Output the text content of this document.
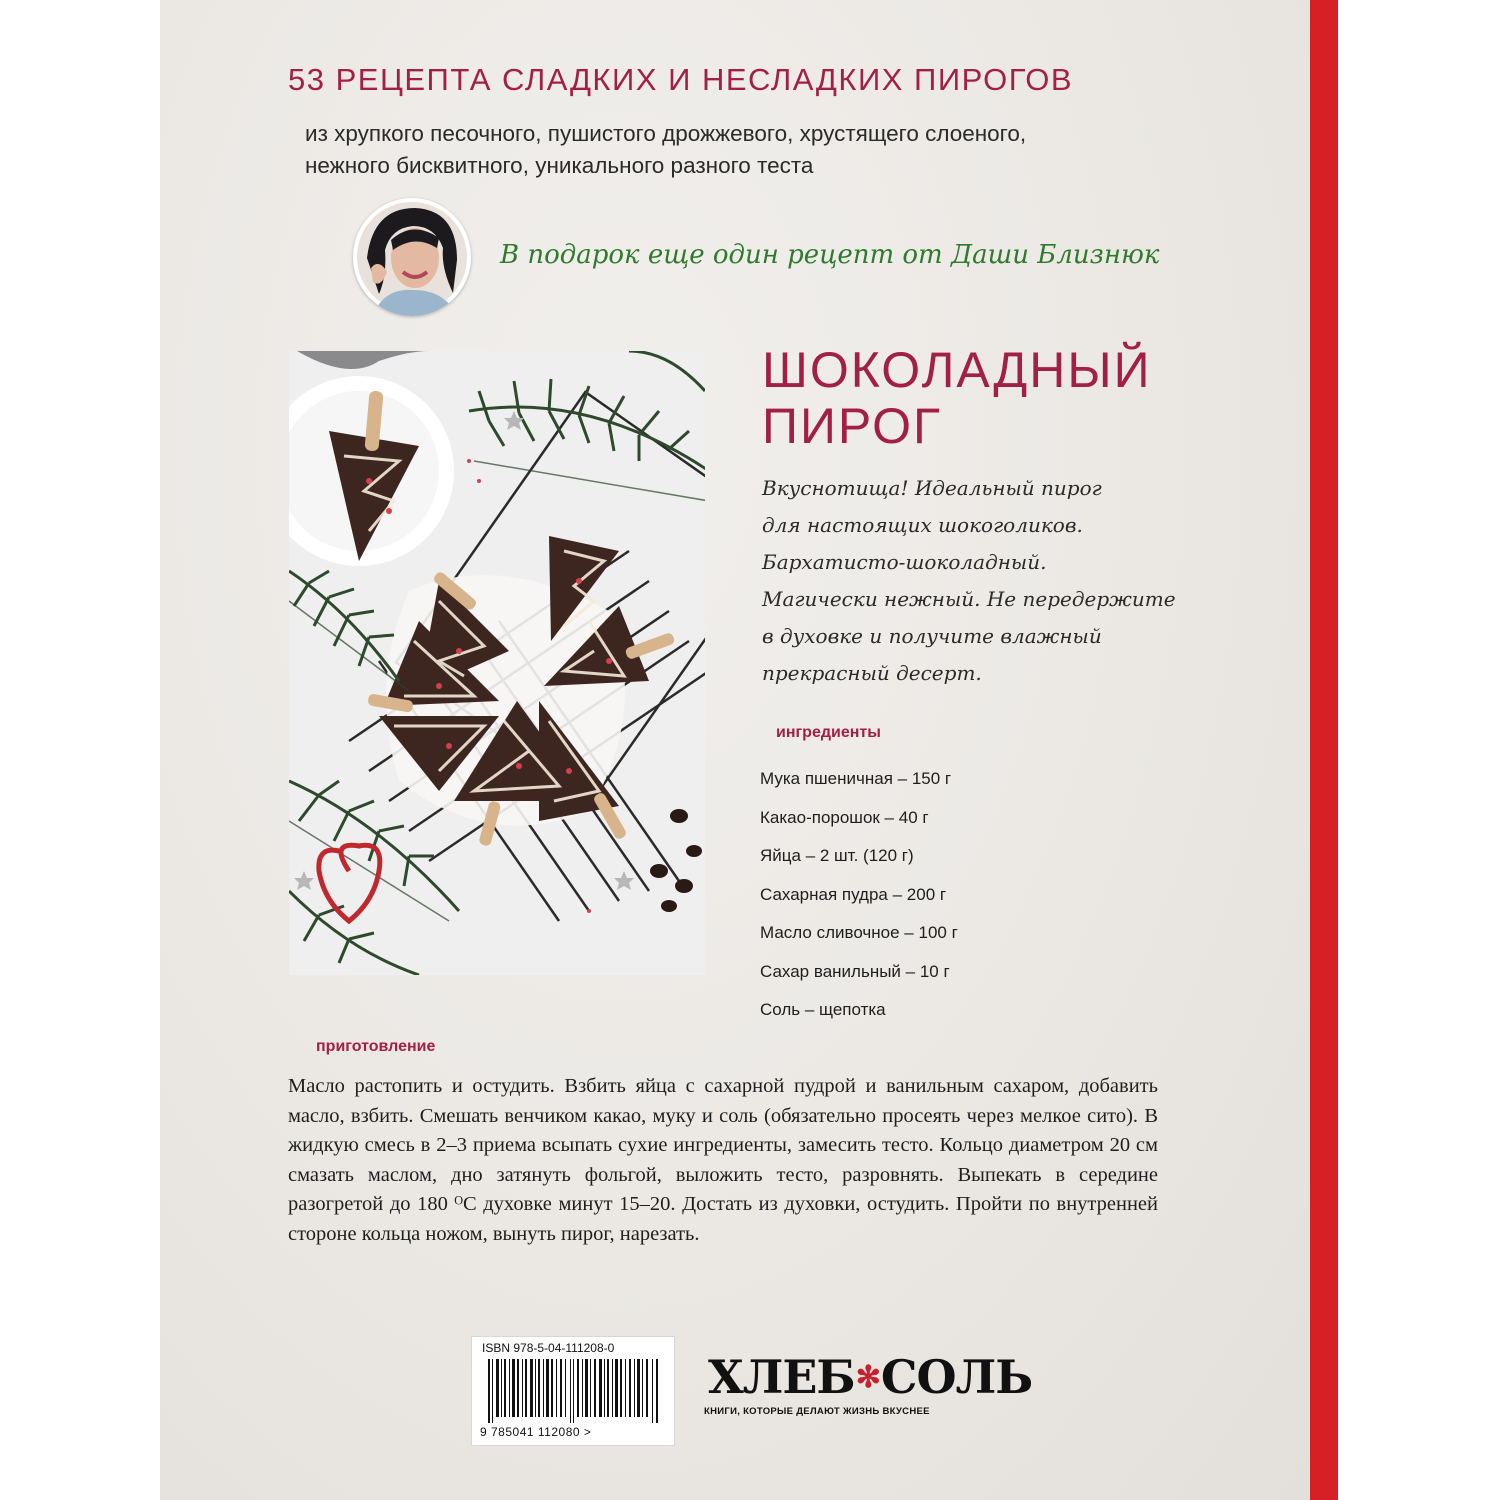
53 РЕЦЕПТА СЛАДКИХ И НЕСЛАДКИХ ПИРОГОВ
из хрупкого песочного, пушистого дрожжевого, хрустящего слоеного,
нежного бисквитного, уникального разного теста
В подарок еще один рецепт от Даши Близнюк
ШОКОЛАДНЫЙ
ПИРОГ
Вкуснотища! Идеальный пирог
для настоящих шокоголиков.
Бархатисто-шоколадный.
Магически нежный. Не передержите
в духовке и получите влажный
прекрасный десерт.
ингредиенты
Мука пшеничная – 150 г
Какао-порошок – 40 г
Яйца – 2 шт. (120 г)
Сахарная пудра – 200 г
Масло сливочное – 100 г
Сахар ванильный – 10 г
Соль – щепотка
приготовление
Масло растопить и остудить. Взбить яйца с сахарной пудрой и ванильным сахаром, добавить масло, взбить. Смешать венчиком какао, муку и соль (обязательно просеять через мелкое сито). В жидкую смесь в 2–3 приема всыпать сухие ингредиенты, замесить тесто. Кольцо диаметром 20 см смазать маслом, дно затянуть фольгой, выложить тесто, разровнять. Выпекать в середине разогретой до 180 ᴼС духовке минут 15–20. Достать из духовки, остудить. Пройти по внутренней стороне кольца ножом, вынуть пирог, нарезать.
ISBN 978-5-04-111208-0
9 785041 112080 >
ХЛЕБ✻СОЛЬ
КНИГИ, КОТОРЫЕ ДЕЛАЮТ ЖИЗНЬ ВКУСНЕЕ
